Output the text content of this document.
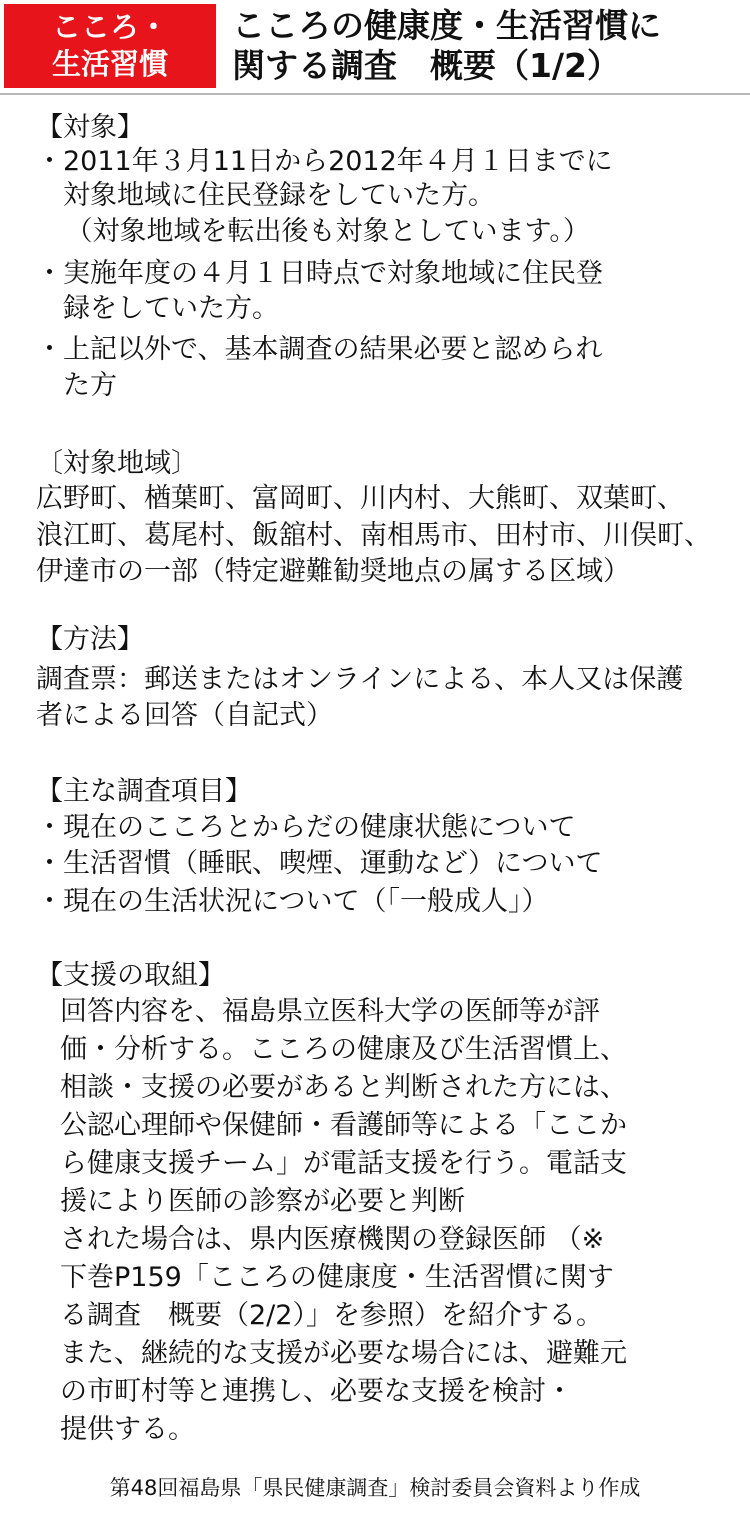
こころ・
生活習慣
こころの健康度・生活習慣に
関する調査　概要（1/2）
【対象】
・2011年３月11日から2012年４月１日までに
　対象地域に住民登録をしていた方。
　（対象地域を転出後も対象としています。）
・実施年度の４月１日時点で対象地域に住民登
　録をしていた方。
・上記以外で、基本調査の結果必要と認められ
　た方
〔対象地域〕
広野町、楢葉町、富岡町、川内村、大熊町、双葉町、
浪江町、葛尾村、飯舘村、南相馬市、田村市、川俣町、
伊達市の一部（特定避難勧奨地点の属する区域）
【方法】
調査票：郵送またはオンラインによる、本人又は保護
者による回答（自記式）
【主な調査項目】
・現在のこころとからだの健康状態について
・生活習慣（睡眠、喫煙、運動など）について
・現在の生活状況について（「一般成人」）
【支援の取組】
回答内容を、福島県立医科大学の医師等が評
価・分析する。こころの健康及び生活習慣上、
相談・支援の必要があると判断された方には、
公認心理師や保健師・看護師等による「ここか
ら健康支援チーム」が電話支援を行う。電話支
援により医師の診察が必要と判断
された場合は、県内医療機関の登録医師 （※
下巻P159「こころの健康度・生活習慣に関す
る調査　概要（2/2）」を参照）を紹介する。
また、継続的な支援が必要な場合には、避難元
の市町村等と連携し、必要な支援を検討・
提供する。
第48回福島県「県民健康調査」検討委員会資料より作成
